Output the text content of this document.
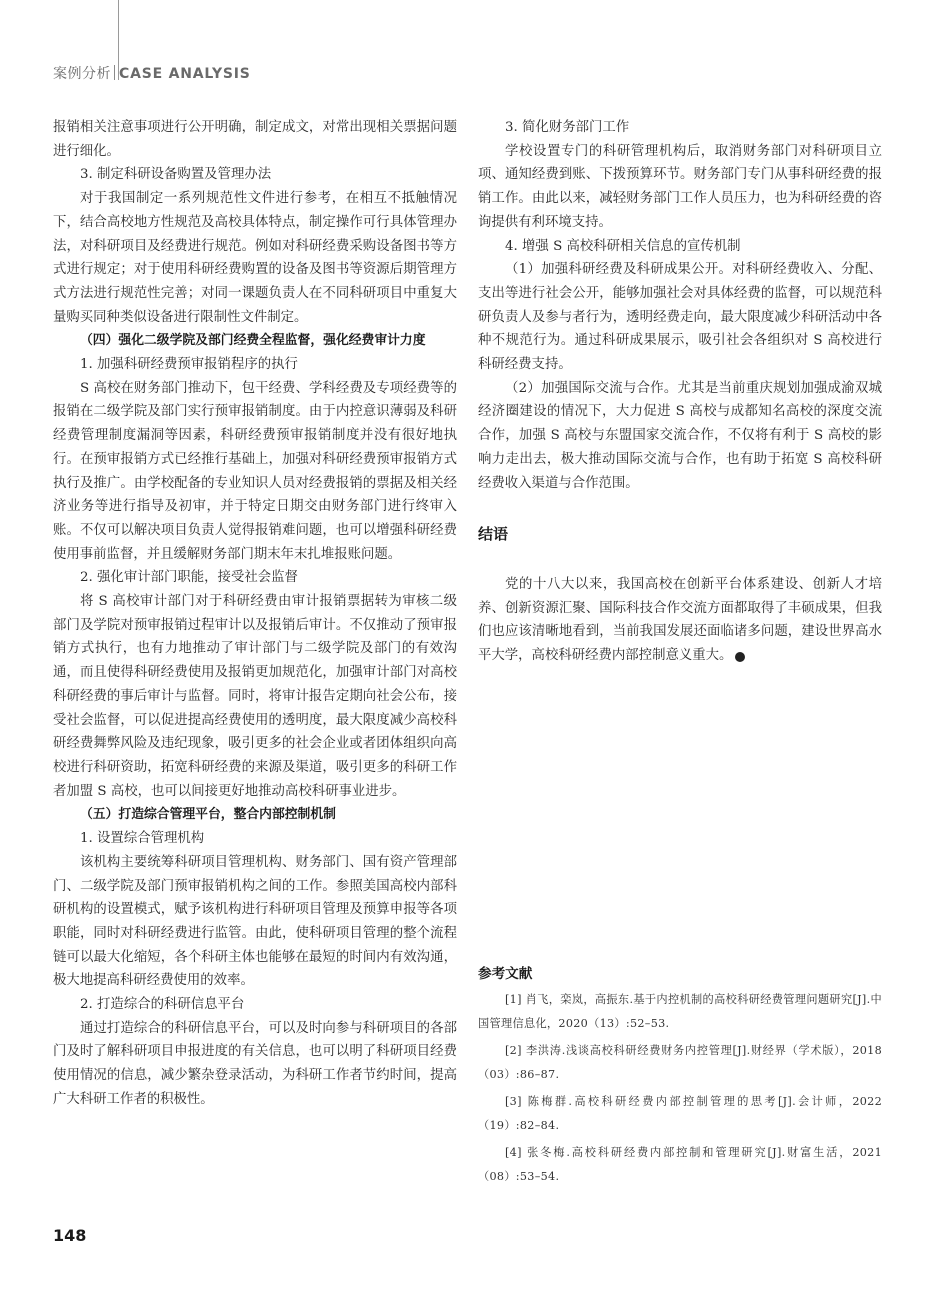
案例分析 CASE ANALYSIS

报销相关注意事项进行公开明确，制定成文，对常出现相关票据问题进行细化。

3. 制定科研设备购置及管理办法

对于我国制定一系列规范性文件进行参考，在相互不抵触情况下，结合高校地方性规范及高校具体特点，制定操作可行具体管理办法，对科研项目及经费进行规范。例如对科研经费采购设备图书等方式进行规定；对于使用科研经费购置的设备及图书等资源后期管理方式方法进行规范性完善；对同一课题负责人在不同科研项目中重复大量购买同种类似设备进行限制性文件制定。

（四）强化二级学院及部门经费全程监督，强化经费审计力度

1. 加强科研经费预审报销程序的执行

S 高校在财务部门推动下，包干经费、学科经费及专项经费等的报销在二级学院及部门实行预审报销制度。由于内控意识薄弱及科研经费管理制度漏洞等因素，科研经费预审报销制度并没有很好地执行。在预审报销方式已经推行基础上，加强对科研经费预审报销方式执行及推广。由学校配备的专业知识人员对经费报销的票据及相关经济业务等进行指导及初审，并于特定日期交由财务部门进行终审入账。不仅可以解决项目负责人觉得报销难问题，也可以增强科研经费使用事前监督，并且缓解财务部门期末年末扎堆报账问题。

2. 强化审计部门职能，接受社会监督

将 S 高校审计部门对于科研经费由审计报销票据转为审核二级部门及学院对预审报销过程审计以及报销后审计。不仅推动了预审报销方式执行，也有力地推动了审计部门与二级学院及部门的有效沟通，而且使得科研经费使用及报销更加规范化，加强审计部门对高校科研经费的事后审计与监督。同时，将审计报告定期向社会公布，接受社会监督，可以促进提高经费使用的透明度，最大限度减少高校科研经费舞弊风险及违纪现象，吸引更多的社会企业或者团体组织向高校进行科研资助，拓宽科研经费的来源及渠道，吸引更多的科研工作者加盟 S 高校，也可以间接更好地推动高校科研事业进步。

（五）打造综合管理平台，整合内部控制机制

1. 设置综合管理机构

该机构主要统筹科研项目管理机构、财务部门、国有资产管理部门、二级学院及部门预审报销机构之间的工作。参照美国高校内部科研机构的设置模式，赋予该机构进行科研项目管理及预算申报等各项职能，同时对科研经费进行监管。由此，使科研项目管理的整个流程链可以最大化缩短，各个科研主体也能够在最短的时间内有效沟通，极大地提高科研经费使用的效率。

2. 打造综合的科研信息平台

通过打造综合的科研信息平台，可以及时向参与科研项目的各部门及时了解科研项目申报进度的有关信息，也可以明了科研项目经费使用情况的信息，减少繁杂登录活动，为科研工作者节约时间，提高广大科研工作者的积极性。

3. 简化财务部门工作

学校设置专门的科研管理机构后，取消财务部门对科研项目立项、通知经费到账、下拨预算环节。财务部门专门从事科研经费的报销工作。由此以来，减轻财务部门工作人员压力，也为科研经费的咨询提供有利环境支持。

4. 增强 S 高校科研相关信息的宣传机制

（1）加强科研经费及科研成果公开。对科研经费收入、分配、支出等进行社会公开，能够加强社会对具体经费的监督，可以规范科研负责人及参与者行为，透明经费走向，最大限度减少科研活动中各种不规范行为。通过科研成果展示，吸引社会各组织对 S 高校进行科研经费支持。

（2）加强国际交流与合作。尤其是当前重庆规划加强成渝双城经济圈建设的情况下，大力促进 S 高校与成都知名高校的深度交流合作，加强 S 高校与东盟国家交流合作，不仅将有利于 S 高校的影响力走出去，极大推动国际交流与合作，也有助于拓宽 S 高校科研经费收入渠道与合作范围。

结语

党的十八大以来，我国高校在创新平台体系建设、创新人才培养、创新资源汇聚、国际科技合作交流方面都取得了丰硕成果，但我们也应该清晰地看到，当前我国发展还面临诸多问题，建设世界高水平大学，高校科研经费内部控制意义重大。	财

参考文献
[1] 肖飞，栾岚，高振东.基于内控机制的高校科研经费管理问题研究[J].中国管理信息化，2020（13）:52–53.
[2] 李洪涛.浅谈高校科研经费财务内控管理[J].财经界（学术版），2018（03）:86–87.
[3] 陈梅群.高校科研经费内部控制管理的思考[J].会计师，2022（19）:82–84.
[4] 张冬梅.高校科研经费内部控制和管理研究[J].财富生活，2021（08）:53–54.
148
